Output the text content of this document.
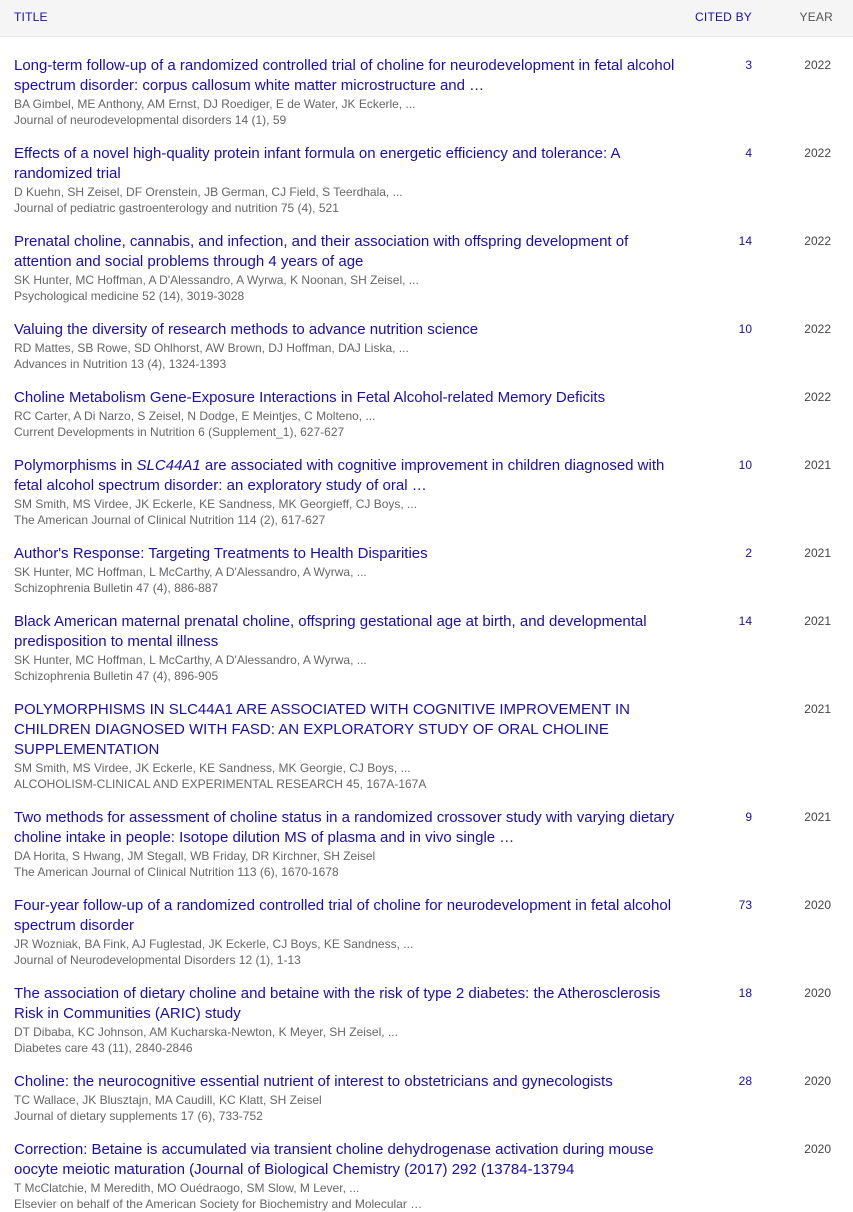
TITLE	CITED BY	YEAR
Long-term follow-up of a randomized controlled trial of choline for neurodevelopment in fetal alcohol spectrum disorder: corpus callosum white matter microstructure and …
BA Gimbel, ME Anthony, AM Ernst, DJ Roediger, E de Water, JK Eckerle, ...
Journal of neurodevelopmental disorders 14 (1), 59
3	2022
Effects of a novel high-quality protein infant formula on energetic efficiency and tolerance: A randomized trial
D Kuehn, SH Zeisel, DF Orenstein, JB German, CJ Field, S Teerdhala, ...
Journal of pediatric gastroenterology and nutrition 75 (4), 521
4	2022
Prenatal choline, cannabis, and infection, and their association with offspring development of attention and social problems through 4 years of age
SK Hunter, MC Hoffman, A D'Alessandro, A Wyrwa, K Noonan, SH Zeisel, ...
Psychological medicine 52 (14), 3019-3028
14	2022
Valuing the diversity of research methods to advance nutrition science
RD Mattes, SB Rowe, SD Ohlhorst, AW Brown, DJ Hoffman, DAJ Liska, ...
Advances in Nutrition 13 (4), 1324-1393
10	2022
Choline Metabolism Gene-Exposure Interactions in Fetal Alcohol-related Memory Deficits
RC Carter, A Di Narzo, S Zeisel, N Dodge, E Meintjes, C Molteno, ...
Current Developments in Nutrition 6 (Supplement_1), 627-627
2022
Polymorphisms in SLC44A1 are associated with cognitive improvement in children diagnosed with fetal alcohol spectrum disorder: an exploratory study of oral …
SM Smith, MS Virdee, JK Eckerle, KE Sandness, MK Georgieff, CJ Boys, ...
The American Journal of Clinical Nutrition 114 (2), 617-627
10	2021
Author's Response: Targeting Treatments to Health Disparities
SK Hunter, MC Hoffman, L McCarthy, A D'Alessandro, A Wyrwa, ...
Schizophrenia Bulletin 47 (4), 886-887
2	2021
Black American maternal prenatal choline, offspring gestational age at birth, and developmental predisposition to mental illness
SK Hunter, MC Hoffman, L McCarthy, A D'Alessandro, A Wyrwa, ...
Schizophrenia Bulletin 47 (4), 896-905
14	2021
POLYMORPHISMS IN SLC44A1 ARE ASSOCIATED WITH COGNITIVE IMPROVEMENT IN CHILDREN DIAGNOSED WITH FASD: AN EXPLORATORY STUDY OF ORAL CHOLINE SUPPLEMENTATION
SM Smith, MS Virdee, JK Eckerle, KE Sandness, MK Georgie, CJ Boys, ...
ALCOHOLISM-CLINICAL AND EXPERIMENTAL RESEARCH 45, 167A-167A
2021
Two methods for assessment of choline status in a randomized crossover study with varying dietary choline intake in people: Isotope dilution MS of plasma and in vivo single …
DA Horita, S Hwang, JM Stegall, WB Friday, DR Kirchner, SH Zeisel
The American Journal of Clinical Nutrition 113 (6), 1670-1678
9	2021
Four-year follow-up of a randomized controlled trial of choline for neurodevelopment in fetal alcohol spectrum disorder
JR Wozniak, BA Fink, AJ Fuglestad, JK Eckerle, CJ Boys, KE Sandness, ...
Journal of Neurodevelopmental Disorders 12 (1), 1-13
73	2020
The association of dietary choline and betaine with the risk of type 2 diabetes: the Atherosclerosis Risk in Communities (ARIC) study
DT Dibaba, KC Johnson, AM Kucharska-Newton, K Meyer, SH Zeisel, ...
Diabetes care 43 (11), 2840-2846
18	2020
Choline: the neurocognitive essential nutrient of interest to obstetricians and gynecologists
TC Wallace, JK Blusztajn, MA Caudill, KC Klatt, SH Zeisel
Journal of dietary supplements 17 (6), 733-752
28	2020
Correction: Betaine is accumulated via transient choline dehydrogenase activation during mouse oocyte meiotic maturation (Journal of Biological Chemistry (2017) 292 (13784-13794
T McClatchie, M Meredith, MO Ouédraogo, SM Slow, M Lever, ...
Elsevier on behalf of the American Society for Biochemistry and Molecular …
2020
